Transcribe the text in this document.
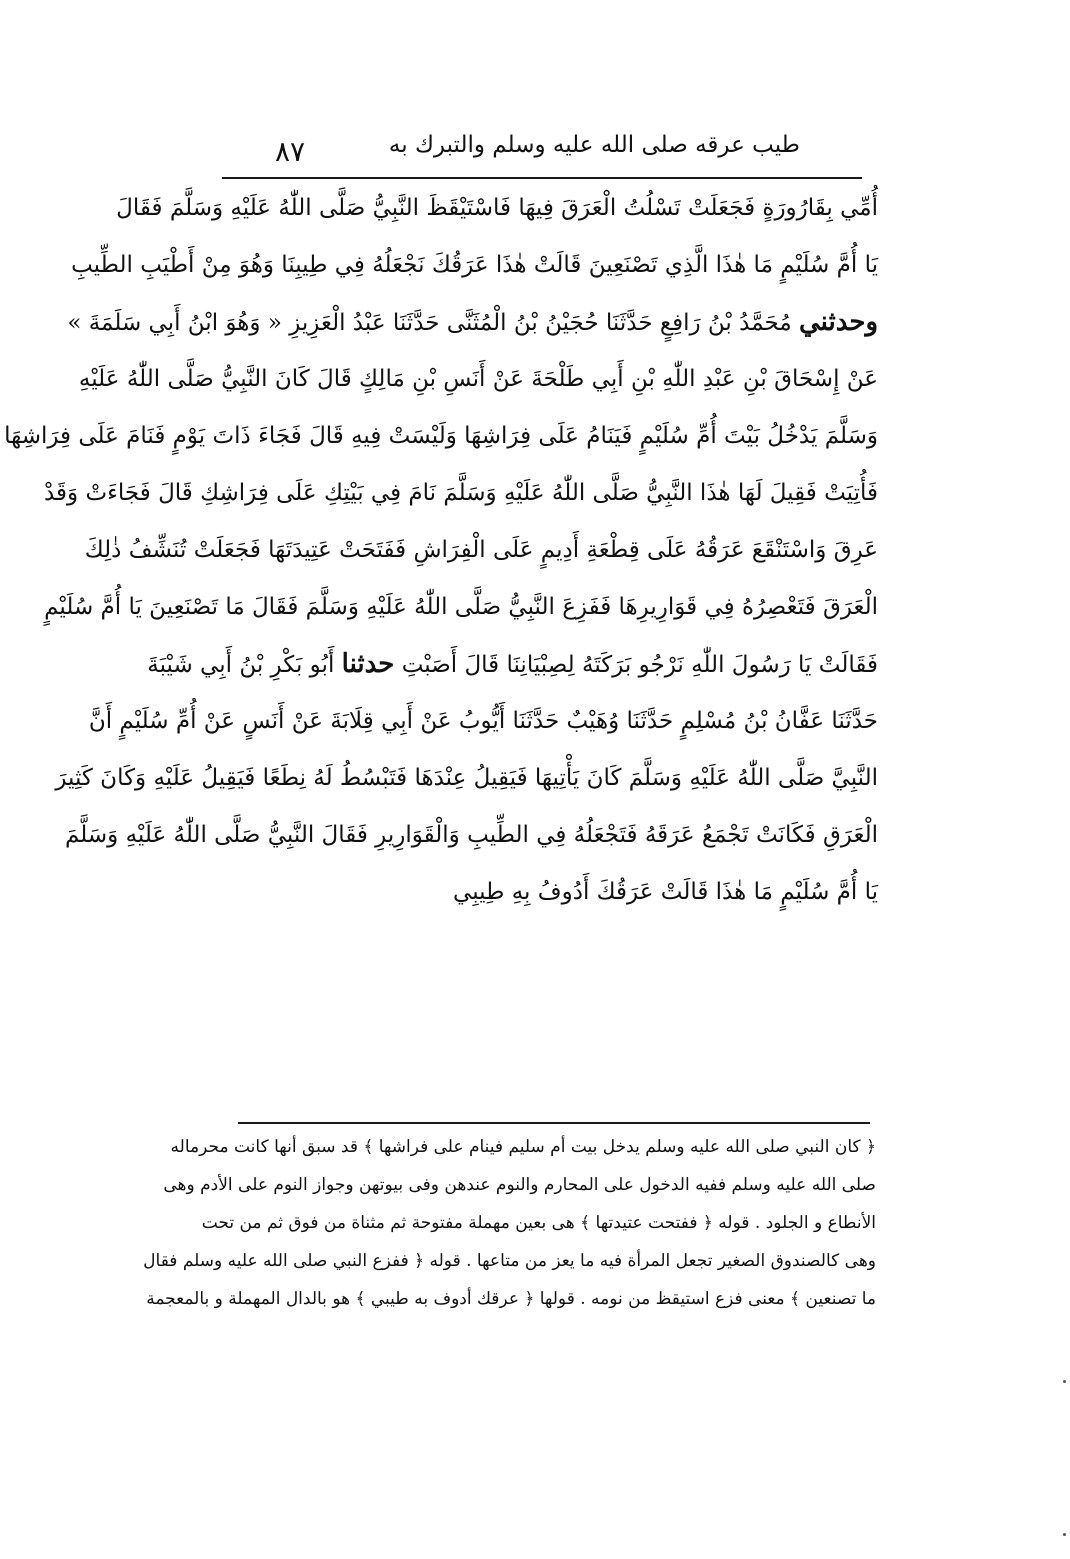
طيب عرقه صلى الله عليه وسلم والتبرك به
٨٧
أُمِّي بِقَارُورَةٍ فَجَعَلَتْ تَسْلُتُ الْعَرَقَ فِيهَا فَاسْتَيْقَظَ النَّبِيُّ صَلَّى اللّٰهُ عَلَيْهِ وَسَلَّمَ فَقَالَ
يَا أُمَّ سُلَيْمٍ مَا هٰذَا الَّذِي تَصْنَعِينَ قَالَتْ هٰذَا عَرَقُكَ نَجْعَلُهُ فِي طِيبِنَا وَهُوَ مِنْ أَطْيَبِ الطِّيبِ
وحدثني مُحَمَّدُ بْنُ رَافِعٍ حَدَّثَنَا حُجَيْنُ بْنُ الْمُثَنَّى حَدَّثَنَا عَبْدُ الْعَزِيزِ « وَهُوَ ابْنُ أَبِي سَلَمَةَ »
عَنْ إِسْحَاقَ بْنِ عَبْدِ اللّٰهِ بْنِ أَبِي طَلْحَةَ عَنْ أَنَسِ بْنِ مَالِكٍ قَالَ كَانَ النَّبِيُّ صَلَّى اللّٰهُ عَلَيْهِ
وَسَلَّمَ يَدْخُلُ بَيْتَ أُمِّ سُلَيْمٍ فَيَنَامُ عَلَى فِرَاشِهَا وَلَيْسَتْ فِيهِ قَالَ فَجَاءَ ذَاتَ يَوْمٍ فَنَامَ عَلَى فِرَاشِهَا
فَأُتِيَتْ فَقِيلَ لَهَا هٰذَا النَّبِيُّ صَلَّى اللّٰهُ عَلَيْهِ وَسَلَّمَ نَامَ فِي بَيْتِكِ عَلَى فِرَاشِكِ قَالَ فَجَاءَتْ وَقَدْ
عَرِقَ وَاسْتَنْقَعَ عَرَقُهُ عَلَى قِطْعَةِ أَدِيمٍ عَلَى الْفِرَاشِ فَفَتَحَتْ عَتِيدَتَهَا فَجَعَلَتْ تُنَشِّفُ ذٰلِكَ
الْعَرَقَ فَتَعْصِرُهُ فِي قَوَارِيرِهَا فَفَزِعَ النَّبِيُّ صَلَّى اللّٰهُ عَلَيْهِ وَسَلَّمَ فَقَالَ مَا تَصْنَعِينَ يَا أُمَّ سُلَيْمٍ
فَقَالَتْ يَا رَسُولَ اللّٰهِ نَرْجُو بَرَكَتَهُ لِصِبْيَانِنَا قَالَ أَصَبْتِ حدثنا أَبُو بَكْرِ بْنُ أَبِي شَيْبَةَ
حَدَّثَنَا عَفَّانُ بْنُ مُسْلِمٍ حَدَّثَنَا وُهَيْبٌ حَدَّثَنَا أَيُّوبُ عَنْ أَبِي قِلَابَةَ عَنْ أَنَسٍ عَنْ أُمِّ سُلَيْمٍ أَنَّ
النَّبِيَّ صَلَّى اللّٰهُ عَلَيْهِ وَسَلَّمَ كَانَ يَأْتِيهَا فَيَقِيلُ عِنْدَهَا فَتَبْسُطُ لَهُ نِطَعًا فَيَقِيلُ عَلَيْهِ وَكَانَ كَثِيرَ
الْعَرَقِ فَكَانَتْ تَجْمَعُ عَرَقَهُ فَتَجْعَلُهُ فِي الطِّيبِ وَالْقَوَارِيرِ فَقَالَ النَّبِيُّ صَلَّى اللّٰهُ عَلَيْهِ وَسَلَّمَ
يَا أُمَّ سُلَيْمٍ مَا هٰذَا قَالَتْ عَرَقُكَ أَدُوفُ بِهِ طِيبِي
﴿ كان النبي صلى الله عليه وسلم يدخل بيت أم سليم فينام على فراشها ﴾ قد سبق أنها كانت محرماله
صلى الله عليه وسلم ففيه الدخول على المحارم والنوم عندهن وفى بيوتهن وجواز النوم على الأدم وهى
الأنطاع و الجلود . قوله ﴿ ففتحت عتيدتها ﴾ هى بعين مهملة مفتوحة ثم مثناة من فوق ثم من تحت
وهى كالصندوق الصغير تجعل المرأة فيه ما يعز من متاعها . قوله ﴿ ففزع النبي صلى الله عليه وسلم فقال
ما تصنعين ﴾ معنى فزع استيقظ من نومه . قولها ﴿ عرقك أدوف به طيبي ﴾ هو بالدال المهملة و بالمعجمة
